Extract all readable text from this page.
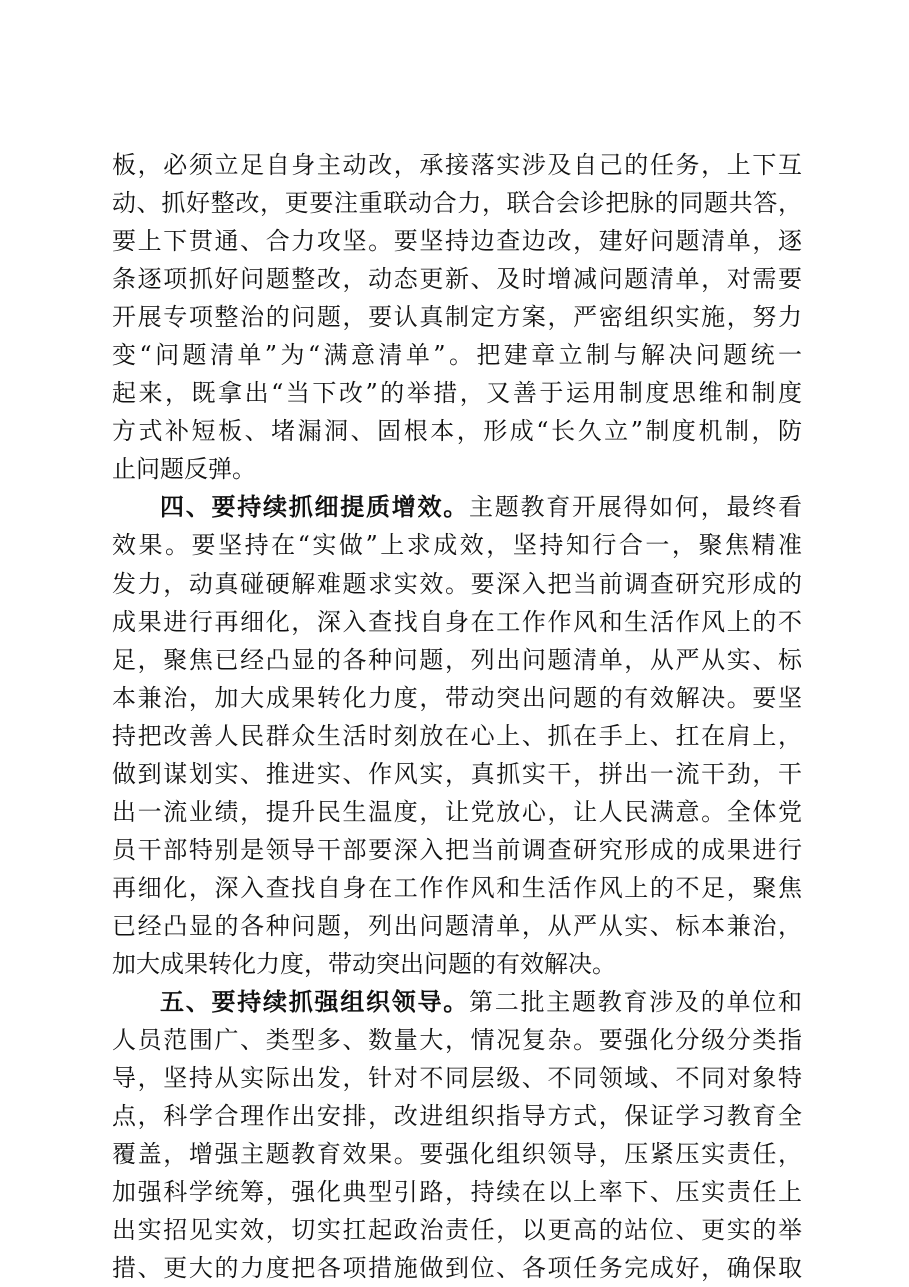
板，必须立足自身主动改，承接落实涉及自己的任务，上下互
动、抓好整改，更要注重联动合力，联合会诊把脉的同题共答，
要上下贯通、合力攻坚。要坚持边查边改，建好问题清单，逐
条逐项抓好问题整改，动态更新、及时增减问题清单，对需要
开展专项整治的问题，要认真制定方案，严密组织实施，努力
变“问题清单”为“满意清单”。把建章立制与解决问题统一
起来，既拿出“当下改”的举措，又善于运用制度思维和制度
方式补短板、堵漏洞、固根本，形成“长久立”制度机制，防
止问题反弹。
四、要持续抓细提质增效。主题教育开展得如何，最终看
效果。要坚持在“实做”上求成效，坚持知行合一，聚焦精准
发力，动真碰硬解难题求实效。要深入把当前调查研究形成的
成果进行再细化，深入查找自身在工作作风和生活作风上的不
足，聚焦已经凸显的各种问题，列出问题清单，从严从实、标
本兼治，加大成果转化力度，带动突出问题的有效解决。要坚
持把改善人民群众生活时刻放在心上、抓在手上、扛在肩上，
做到谋划实、推进实、作风实，真抓实干，拼出一流干劲，干
出一流业绩，提升民生温度，让党放心，让人民满意。全体党
员干部特别是领导干部要深入把当前调查研究形成的成果进行
再细化，深入查找自身在工作作风和生活作风上的不足，聚焦
已经凸显的各种问题，列出问题清单，从严从实、标本兼治，
加大成果转化力度，带动突出问题的有效解决。
五、要持续抓强组织领导。第二批主题教育涉及的单位和
人员范围广、类型多、数量大，情况复杂。要强化分级分类指
导，坚持从实际出发，针对不同层级、不同领域、不同对象特
点，科学合理作出安排，改进组织指导方式，保证学习教育全
覆盖，增强主题教育效果。要强化组织领导，压紧压实责任，
加强科学统筹，强化典型引路，持续在以上率下、压实责任上
出实招见实效，切实扛起政治责任，以更高的站位、更实的举
措、更大的力度把各项措施做到位、各项任务完成好，确保取
